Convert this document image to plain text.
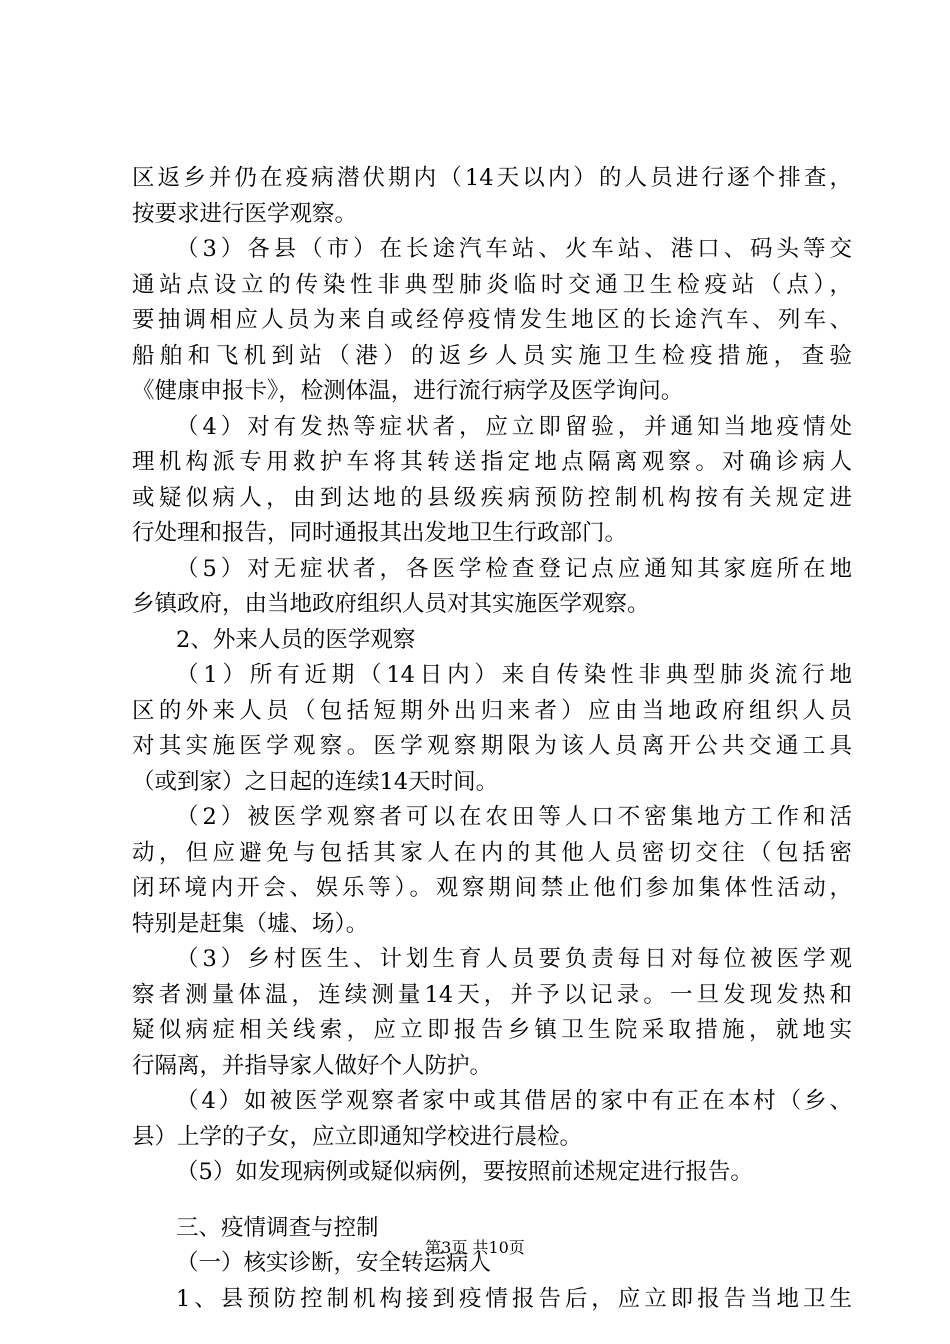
区返乡并仍在疫病潜伏期内（14天以内）的人员进行逐个排查，
按要求进行医学观察。
（3）各县（市）在长途汽车站、火车站、港口、码头等交
通站点设立的传染性非典型肺炎临时交通卫生检疫站（点），
要抽调相应人员为来自或经停疫情发生地区的长途汽车、列车、
船舶和飞机到站（港）的返乡人员实施卫生检疫措施，查验
《健康申报卡》，检测体温，进行流行病学及医学询问。
（4）对有发热等症状者，应立即留验，并通知当地疫情处
理机构派专用救护车将其转送指定地点隔离观察。对确诊病人
或疑似病人，由到达地的县级疾病预防控制机构按有关规定进
行处理和报告，同时通报其出发地卫生行政部门。
（5）对无症状者，各医学检查登记点应通知其家庭所在地
乡镇政府，由当地政府组织人员对其实施医学观察。
2、外来人员的医学观察
（1）所有近期（14日内）来自传染性非典型肺炎流行地
区的外来人员（包括短期外出归来者）应由当地政府组织人员
对其实施医学观察。医学观察期限为该人员离开公共交通工具
（或到家）之日起的连续14天时间。
（2）被医学观察者可以在农田等人口不密集地方工作和活
动，但应避免与包括其家人在内的其他人员密切交往（包括密
闭环境内开会、娱乐等）。观察期间禁止他们参加集体性活动，
特别是赶集（墟、场）。
（3）乡村医生、计划生育人员要负责每日对每位被医学观
察者测量体温，连续测量14天，并予以记录。一旦发现发热和
疑似病症相关线索，应立即报告乡镇卫生院采取措施，就地实
行隔离，并指导家人做好个人防护。
（4）如被医学观察者家中或其借居的家中有正在本村（乡、
县）上学的子女，应立即通知学校进行晨检。
（5）如发现病例或疑似病例，要按照前述规定进行报告。
三、疫情调查与控制
（一）核实诊断，安全转运病人
1、县预防控制机构接到疫情报告后，应立即报告当地卫生
第3页 共10页
